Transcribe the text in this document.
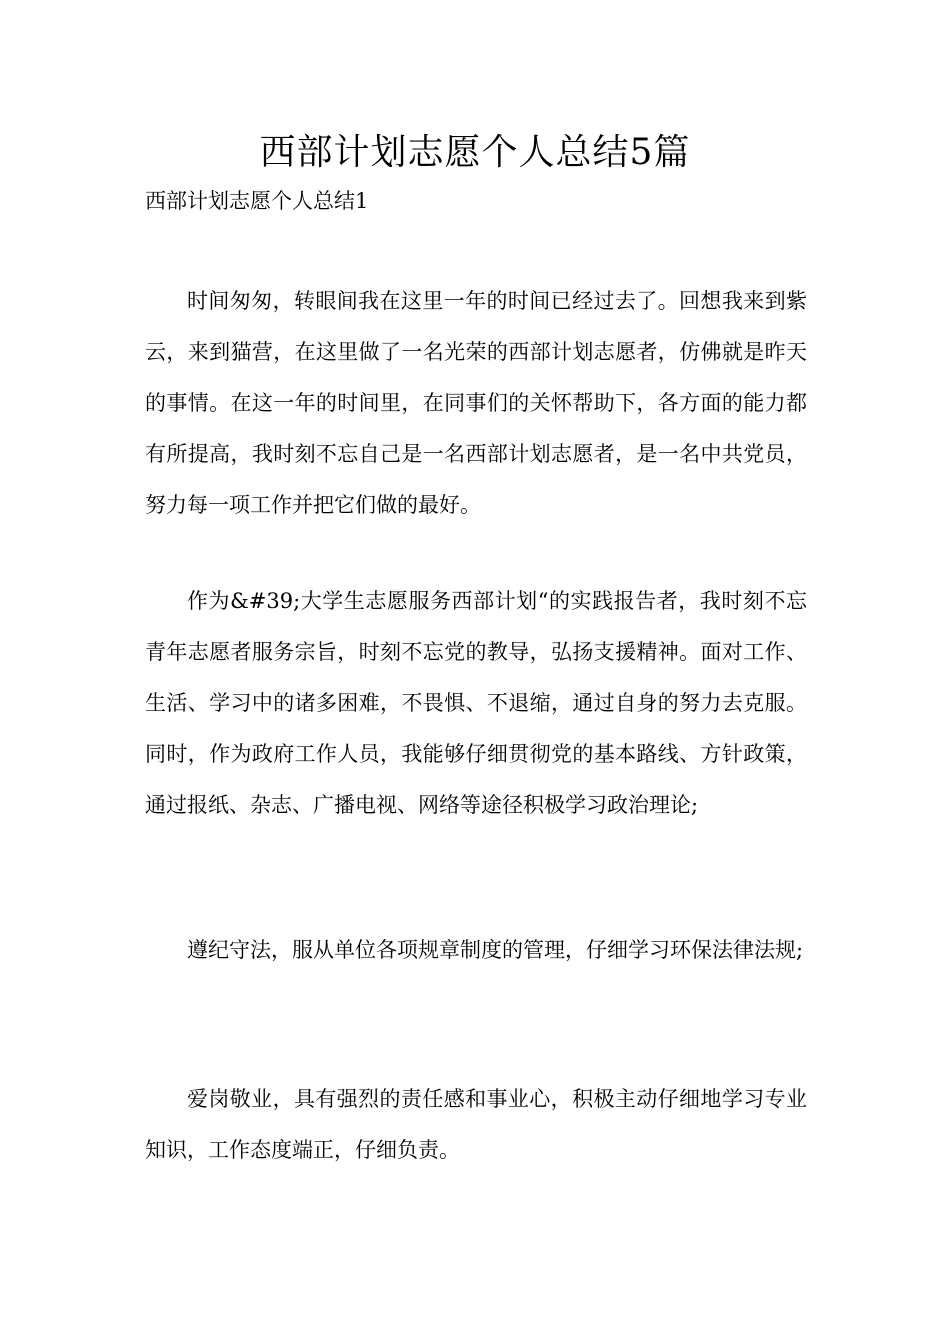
西部计划志愿个人总结5篇
西部计划志愿个人总结1

时间匆匆，转眼间我在这里一年的时间已经过去了。回想我来到紫云，来到猫营，在这里做了一名光荣的西部计划志愿者，仿佛就是昨天的事情。在这一年的时间里，在同事们的关怀帮助下，各方面的能力都有所提高，我时刻不忘自己是一名西部计划志愿者，是一名中共党员，努力每一项工作并把它们做的最好。

作为&#39;大学生志愿服务西部计划“的实践报告者，我时刻不忘青年志愿者服务宗旨，时刻不忘党的教导，弘扬支援精神。面对工作、生活、学习中的诸多困难，不畏惧、不退缩，通过自身的努力去克服。同时，作为政府工作人员，我能够仔细贯彻党的基本路线、方针政策，通过报纸、杂志、广播电视、网络等途径积极学习政治理论;

遵纪守法，服从单位各项规章制度的管理，仔细学习环保法律法规;

爱岗敬业，具有强烈的责任感和事业心，积极主动仔细地学习专业知识，工作态度端正，仔细负责。
